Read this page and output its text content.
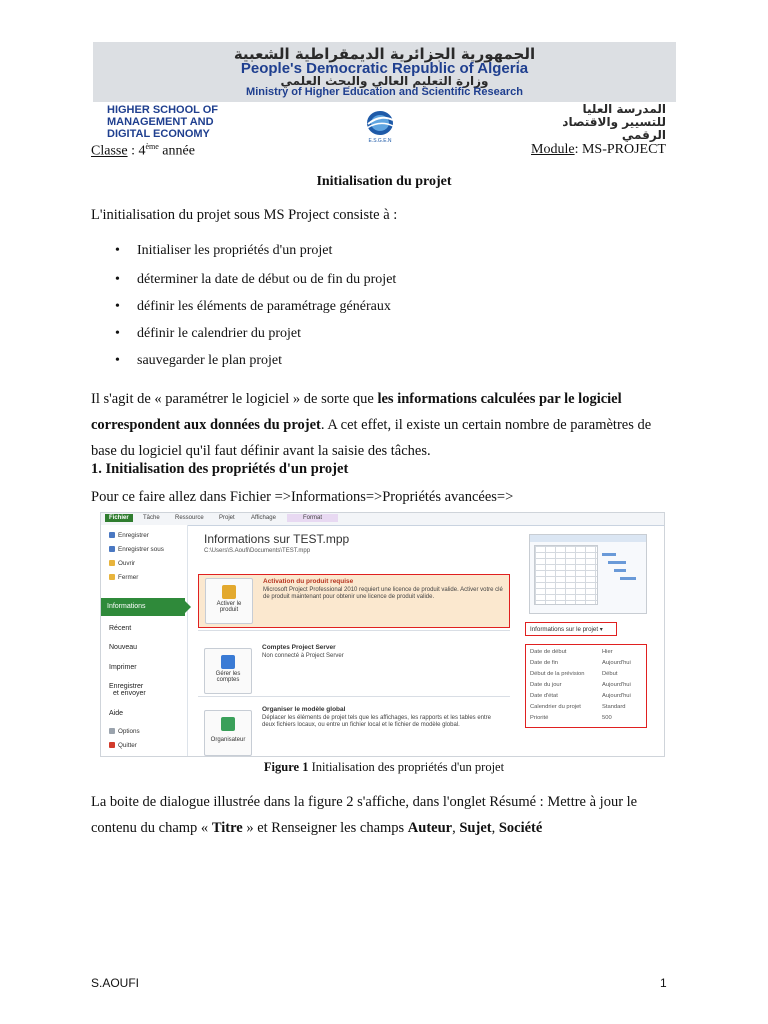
الجمهورية الجزائرية الديمقراطية الشعبية
People's Democratic Republic of Algeria
وزارة التعليم العالي والبحث العلمي
Ministry of Higher Education and Scientific Research
HIGHER SCHOOL OF
MANAGEMENT AND
DIGITAL ECONOMY
E.S.G.E.N
المدرسة العليا
للتسيير والاقتصاد
الرقمي
Classe : 4ème année	Module: MS-PROJECT
Initialisation du projet
L'initialisation du projet sous MS Project consiste à :
• Initialiser les propriétés d'un projet
• déterminer la date de début ou de fin du projet
• définir les éléments de paramétrage généraux
• définir le calendrier du projet
• sauvegarder le plan projet
Il s'agit de « paramétrer le logiciel » de sorte que les informations calculées par le logiciel correspondent aux données du projet. A cet effet, il existe un certain nombre de paramètres de base du logiciel qu'il faut définir avant la saisie des tâches.
1. Initialisation des propriétés d'un projet
Pour ce faire allez dans Fichier =>Informations=>Propriétés avancées=>
Fichier	Tâche	Ressource	Projet	Affichage	Format
Enregistrer
Enregistrer sous
Ouvrir
Fermer
Informations
Récent
Nouveau
Imprimer
Enregistrer
et envoyer
Aide
Options
Quitter
Informations sur TEST.mpp
C:\Users\S.Aoufi\Documents\TEST.mpp
Activer le
produit
Activation du produit requise
Microsoft Project Professional 2010 requiert une licence de produit valide. Activer votre clé de produit maintenant pour obtenir une licence de produit valide.
Gérer les
comptes
Comptes Project Server
Non connecté à Project Server
Organisateur
Organiser le modèle global
Déplacer les éléments de projet tels que les affichages, les rapports et les tables entre deux fichiers locaux, ou entre un fichier local et le fichier de modèle global.
Informations sur le projet ▾
Date de début	Hier
Date de fin	Aujourd'hui
Début de la prévision	Début
Date du jour	Aujourd'hui
Date d'état	Aujourd'hui
Calendrier du projet	Standard
Priorité	500
Figure 1 Initialisation des propriétés d'un projet
La boite de dialogue illustrée dans la figure 2 s'affiche, dans l'onglet Résumé : Mettre à jour le contenu du champ « Titre » et Renseigner les champs Auteur, Sujet, Société
S.AOUFI	1
